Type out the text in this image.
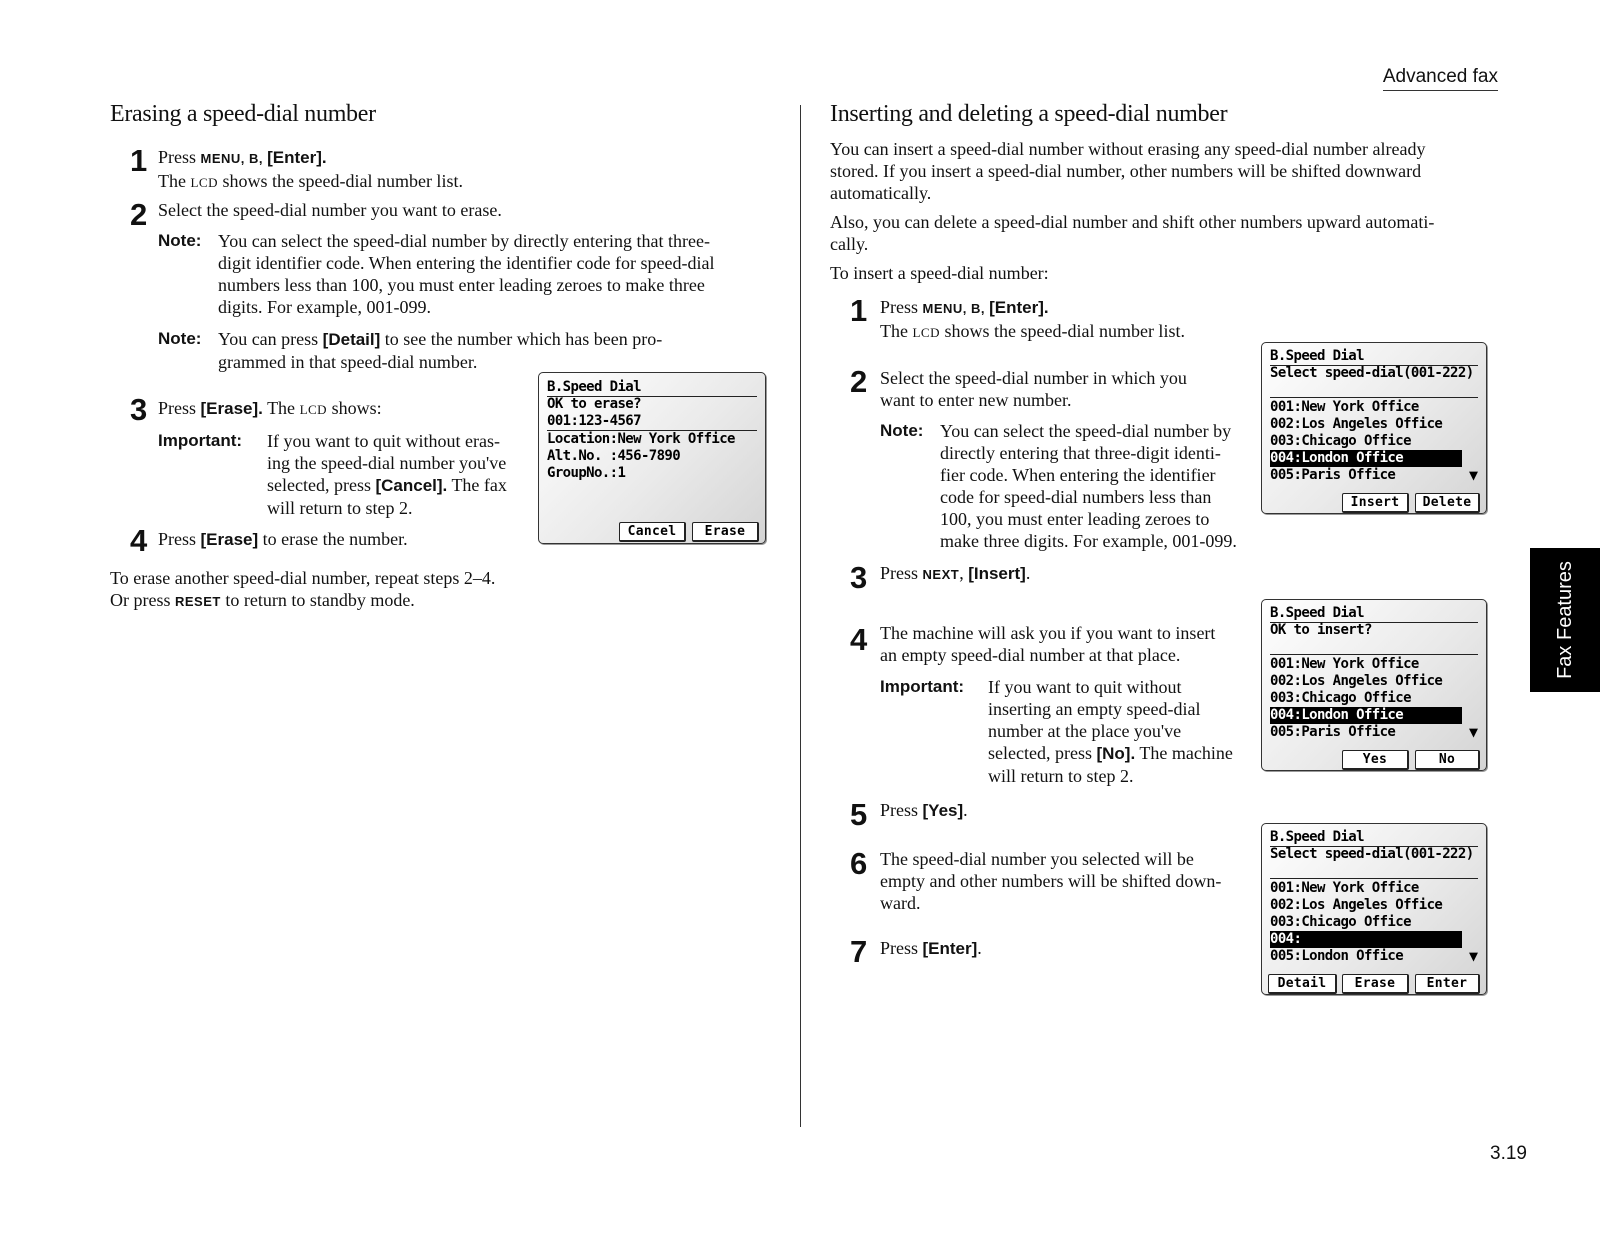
Advanced fax
Erasing a speed-dial number
1 Press MENU, B, [Enter].
The LCD shows the speed-dial number list.
2 Select the speed-dial number you want to erase.
Note: You can select the speed-dial number by directly entering that three-
digit identifier code. When entering the identifier code for speed-dial
numbers less than 100, you must enter leading zeroes to make three
digits. For example, 001-099.
Note: You can press [Detail] to see the number which has been pro-
grammed in that speed-dial number.
3 Press [Erase]. The LCD shows:
Important: If you want to quit without eras-
ing the speed-dial number you've
selected, press [Cancel]. The fax
will return to step 2.
4 Press [Erase] to erase the number.
To erase another speed-dial number, repeat steps 2–4.
Or press RESET to return to standby mode.
B.Speed Dial
OK to erase?
001:123-4567
Location:New York Office
Alt.No. :456-7890
GroupNo.:1
Cancel	Erase
Inserting and deleting a speed-dial number
You can insert a speed-dial number without erasing any speed-dial number already
stored. If you insert a speed-dial number, other numbers will be shifted downward
automatically.
Also, you can delete a speed-dial number and shift other numbers upward automati-
cally.
To insert a speed-dial number:
1 Press MENU, B, [Enter].
The LCD shows the speed-dial number list.
2 Select the speed-dial number in which you
want to enter new number.
Note: You can select the speed-dial number by
directly entering that three-digit identi-
fier code. When entering the identifier
code for speed-dial numbers less than
100, you must enter leading zeroes to
make three digits. For example, 001-099.
3 Press NEXT, [Insert].
4 The machine will ask you if you want to insert
an empty speed-dial number at that place.
Important: If you want to quit without
inserting an empty speed-dial
number at the place you've
selected, press [No]. The machine
will return to step 2.
5 Press [Yes].
6 The speed-dial number you selected will be
empty and other numbers will be shifted down-
ward.
7 Press [Enter].
B.Speed Dial
Select speed-dial(001-222)
001:New York Office
002:Los Angeles Office
003:Chicago Office
004:London Office
005:Paris Office	▼
Insert	Delete
B.Speed Dial
OK to insert?
001:New York Office
002:Los Angeles Office
003:Chicago Office
004:London Office
005:Paris Office	▼
Yes	No
B.Speed Dial
Select speed-dial(001-222)
001:New York Office
002:Los Angeles Office
003:Chicago Office
004:
005:London Office	▼
Detail	Erase	Enter
Fax Features
3.19
